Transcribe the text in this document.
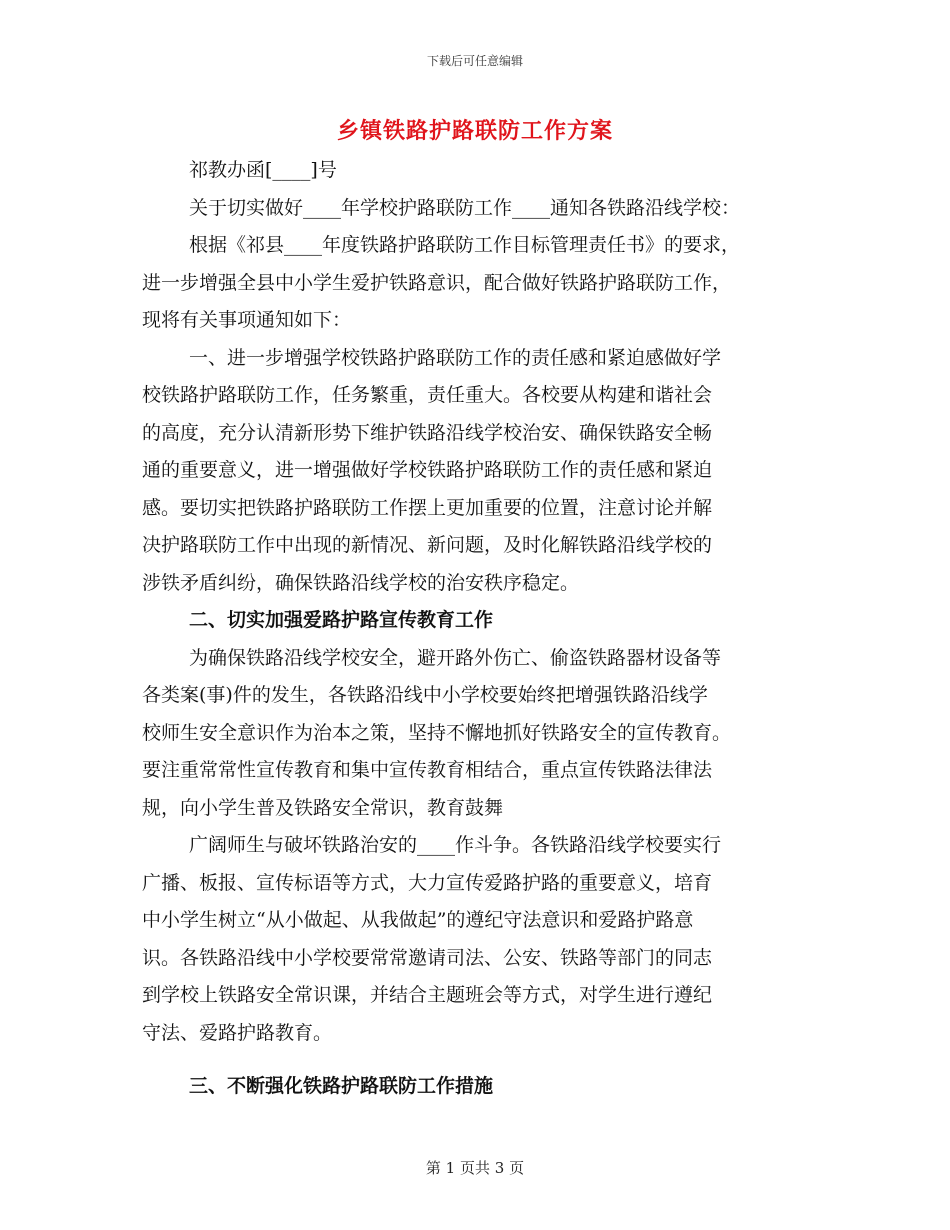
下载后可任意编辑
乡镇铁路护路联防工作方案
祁教办函[____]号
关于切实做好____年学校护路联防工作____通知各铁路沿线学校：
根据《祁县____年度铁路护路联防工作目标管理责任书》的要求，
进一步增强全县中小学生爱护铁路意识，配合做好铁路护路联防工作，
现将有关事项通知如下：
一、进一步增强学校铁路护路联防工作的责任感和紧迫感做好学
校铁路护路联防工作，任务繁重，责任重大。各校要从构建和谐社会
的高度，充分认清新形势下维护铁路沿线学校治安、确保铁路安全畅
通的重要意义，进一增强做好学校铁路护路联防工作的责任感和紧迫
感。要切实把铁路护路联防工作摆上更加重要的位置，注意讨论并解
决护路联防工作中出现的新情况、新问题，及时化解铁路沿线学校的
涉铁矛盾纠纷，确保铁路沿线学校的治安秩序稳定。
二、切实加强爱路护路宣传教育工作
为确保铁路沿线学校安全，避开路外伤亡、偷盗铁路器材设备等
各类案(事)件的发生，各铁路沿线中小学校要始终把增强铁路沿线学
校师生安全意识作为治本之策，坚持不懈地抓好铁路安全的宣传教育。
要注重常常性宣传教育和集中宣传教育相结合，重点宣传铁路法律法
规，向小学生普及铁路安全常识，教育鼓舞
广阔师生与破坏铁路治安的____作斗争。各铁路沿线学校要实行
广播、板报、宣传标语等方式，大力宣传爱路护路的重要意义，培育
中小学生树立“从小做起、从我做起”的遵纪守法意识和爱路护路意
识。各铁路沿线中小学校要常常邀请司法、公安、铁路等部门的同志
到学校上铁路安全常识课，并结合主题班会等方式，对学生进行遵纪
守法、爱路护路教育。
三、不断强化铁路护路联防工作措施
第 1 页共 3 页
